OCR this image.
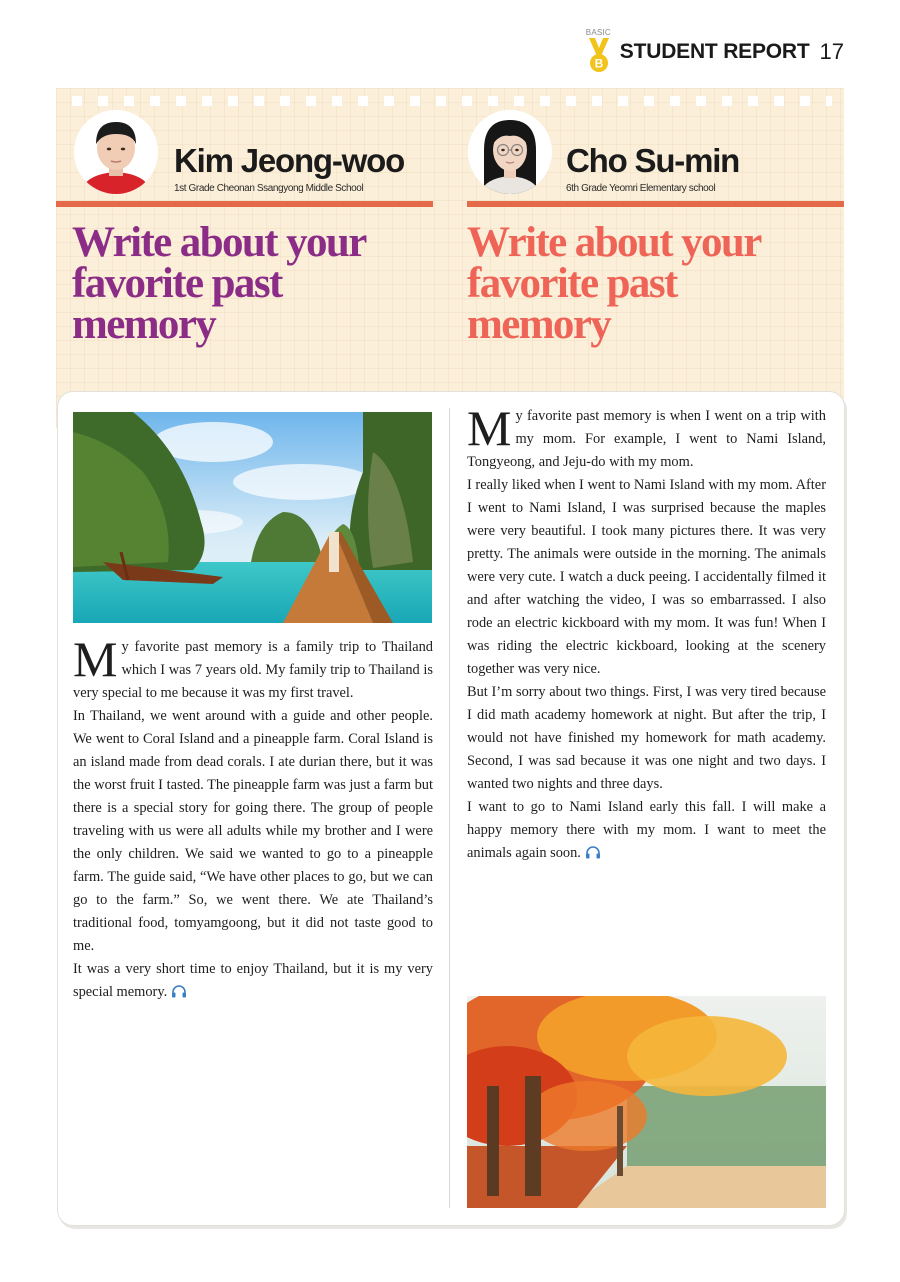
BASIC
B
STUDENT REPORT 17
Kim Jeong-woo
1st Grade Cheonan Ssangyong Middle School
Cho Su-min
6th Grade Yeomri Elementary school
Write about your
favorite past
memory
Write about your
favorite past
memory

My favorite past memory is a family trip to Thailand which I was 7 years old. My family trip to Thailand is very special to me because it was my first travel.

In Thailand, we went around with a guide and other people. We went to Coral Island and a pineapple farm. Coral Island is an island made from dead corals. I ate durian there, but it was the worst fruit I tasted. The pineapple farm was just a farm but there is a special story for going there. The group of people traveling with us were all adults while my brother and I were the only children. We said we wanted to go to a pineapple farm. The guide said, “We have other places to go, but we can go to the farm.” So, we went there. We ate Thailand’s traditional food, tomyamgoong, but it did not taste good to me.

It was a very short time to enjoy Thailand, but it is my very special memory.

My favorite past memory is when I went on a trip with my mom. For example, I went to Nami Island, Tongyeong, and Jeju-do with my mom.

I really liked when I went to Nami Island with my mom. After I went to Nami Island, I was surprised because the maples were very beautiful. I took many pictures there. It was very pretty. The animals were outside in the morning. The animals were very cute. I watch a duck peeing. I accidentally filmed it and after watching the video, I was so embarrassed. I also rode an electric kickboard with my mom. It was fun! When I was riding the electric kickboard, looking at the scenery together was very nice.

But I’m sorry about two things. First, I was very tired because I did math academy homework at night. But after the trip, I would not have finished my homework for math academy. Second, I was sad because it was one night and two days. I wanted two nights and three days.

I want to go to Nami Island early this fall. I will make a happy memory there with my mom. I want to meet the animals again soon.
